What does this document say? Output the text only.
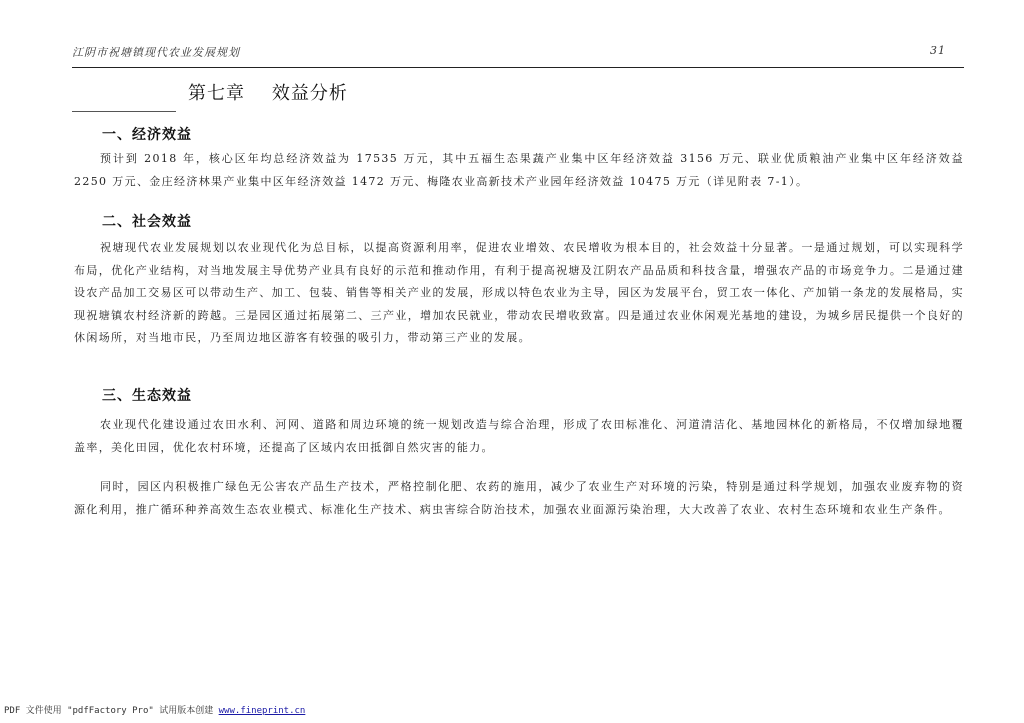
江阴市祝塘镇现代农业发展规划	31
第七章    效益分析
一、经济效益
预计到 2018 年，核心区年均总经济效益为 17535 万元，其中五福生态果蔬产业集中区年经济效益 3156 万元、联业优质粮油产业集中区年经济效益 2250 万元、金庄经济林果产业集中区年经济效益 1472 万元、梅隆农业高新技术产业园年经济效益 10475 万元（详见附表 7-1）。
二、社会效益
祝塘现代农业发展规划以农业现代化为总目标，以提高资源利用率，促进农业增效、农民增收为根本目的，社会效益十分显著。一是通过规划，可以实现科学布局，优化产业结构，对当地发展主导优势产业具有良好的示范和推动作用，有利于提高祝塘及江阴农产品品质和科技含量，增强农产品的市场竞争力。二是通过建设农产品加工交易区可以带动生产、加工、包装、销售等相关产业的发展，形成以特色农业为主导，园区为发展平台，贸工农一体化、产加销一条龙的发展格局，实现祝塘镇农村经济新的跨越。三是园区通过拓展第二、三产业，增加农民就业，带动农民增收致富。四是通过农业休闲观光基地的建设，为城乡居民提供一个良好的休闲场所，对当地市民，乃至周边地区游客有较强的吸引力，带动第三产业的发展。
三、生态效益
农业现代化建设通过农田水利、河网、道路和周边环境的统一规划改造与综合治理，形成了农田标准化、河道清洁化、基地园林化的新格局，不仅增加绿地覆盖率，美化田园，优化农村环境，还提高了区域内农田抵御自然灾害的能力。
同时，园区内积极推广绿色无公害农产品生产技术，严格控制化肥、农药的施用，减少了农业生产对环境的污染，特别是通过科学规划，加强农业废弃物的资源化利用，推广循环种养高效生态农业模式、标准化生产技术、病虫害综合防治技术，加强农业面源污染治理，大大改善了农业、农村生态环境和农业生产条件。
PDF 文件使用 "pdfFactory Pro" 试用版本创建 www.fineprint.cn
